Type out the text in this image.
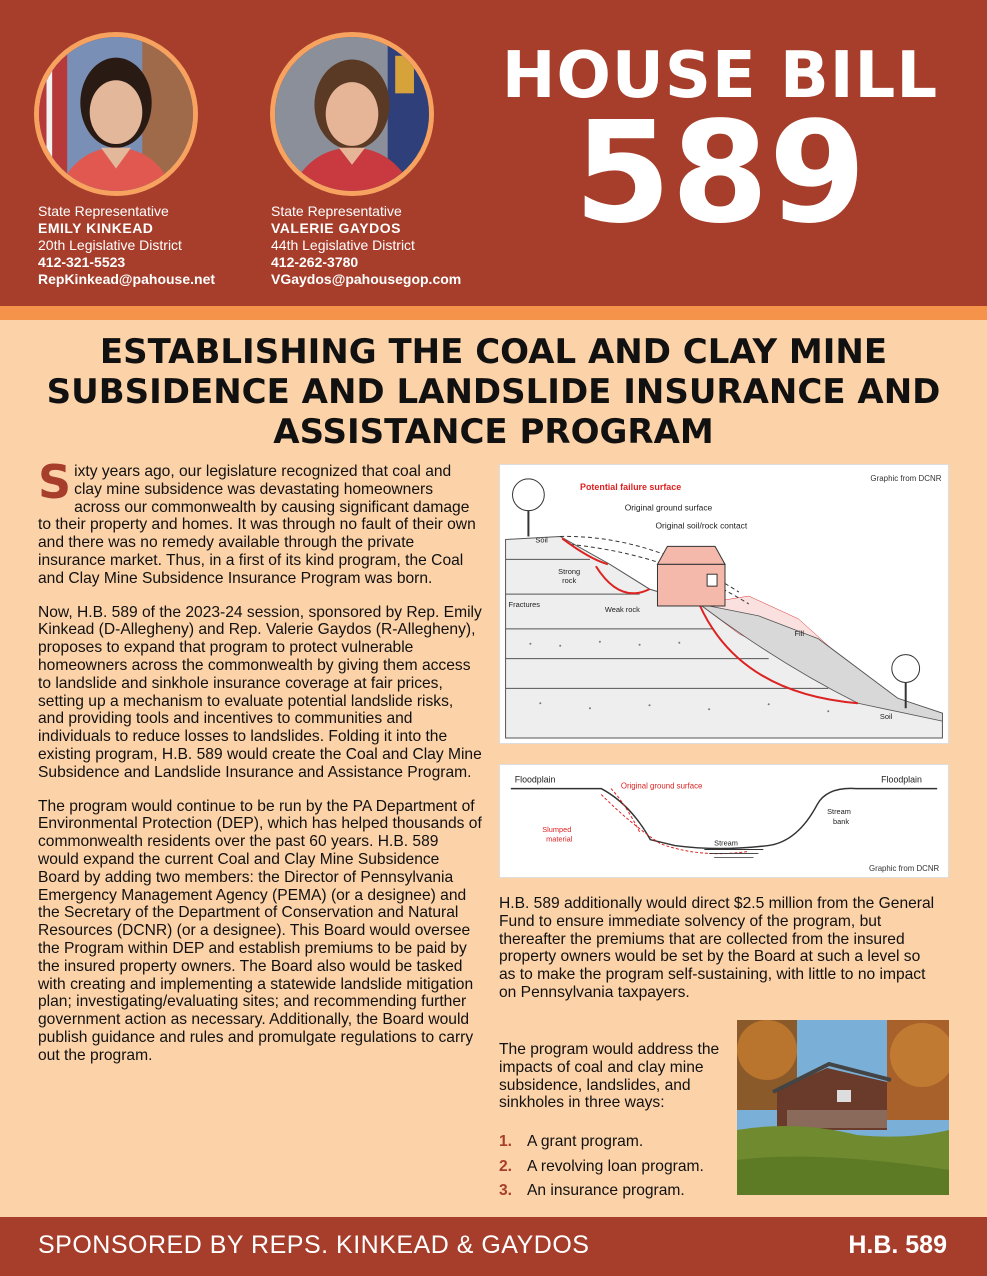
State Representative
EMILY KINKEAD
20th Legislative District
412-321-5523
RepKinkead@pahouse.net
State Representative
VALERIE GAYDOS
44th Legislative District
412-262-3780
VGaydos@pahousegop.com
HOUSE BILL
589
ESTABLISHING THE COAL AND CLAY MINE SUBSIDENCE AND LANDSLIDE INSURANCE AND ASSISTANCE PROGRAM

Sixty years ago, our legislature recognized that coal and clay mine subsidence was devastating homeowners across our commonwealth by causing significant damage to their property and homes. It was through no fault of their own and there was no remedy available through the private insurance market. Thus, in a first of its kind program, the Coal and Clay Mine Subsidence Insurance Program was born.

Now, H.B. 589 of the 2023-24 session, sponsored by Rep. Emily Kinkead (D-Allegheny) and Rep. Valerie Gaydos (R-Allegheny), proposes to expand that program to protect vulnerable homeowners across the commonwealth by giving them access to landslide and sinkhole insurance coverage at fair prices, setting up a mechanism to evaluate potential landslide risks, and providing tools and incentives to communities and individuals to reduce losses to landslides. Folding it into the existing program, H.B. 589 would create the Coal and Clay Mine Subsidence and Landslide Insurance and Assistance Program.

The program would continue to be run by the PA Department of Environmental Protection (DEP), which has helped thousands of commonwealth residents over the past 60 years. H.B. 589 would expand the current Coal and Clay Mine Subsidence Board by adding two members: the Director of Pennsylvania Emergency Management Agency (PEMA) (or a designee) and the Secretary of the Department of Conservation and Natural Resources (DCNR) (or a designee). This Board would oversee the Program within DEP and establish premiums to be paid by the insured property owners. The Board also would be tasked with creating and implementing a statewide landslide mitigation plan; investigating/evaluating sites; and recommending further government action as necessary. Additionally, the Board would publish guidance and rules and promulgate regulations to carry out the program.

Graphic from DCNR
Potential failure surface
Original ground surface
Original soil/rock contact
Soil
Strong
rock
Fractures
Weak rock
Fill
Soil
Floodplain
Original ground surface
Floodplain
Stream
bank
Slumped
material	Stream
Graphic from DCNR

H.B. 589 additionally would direct $2.5 million from the General Fund to ensure immediate solvency of the program, but thereafter the premiums that are collected from the insured property owners would be set by the Board at such a level so as to make the program self-sustaining, with little to no impact on Pennsylvania taxpayers.

The program would address the impacts of coal and clay mine subsidence, landslides, and sinkholes in three ways:

1. A grant program.
2. A revolving loan program.
3. An insurance program.
SPONSORED BY REPS. KINKEAD & GAYDOS	H.B. 589
